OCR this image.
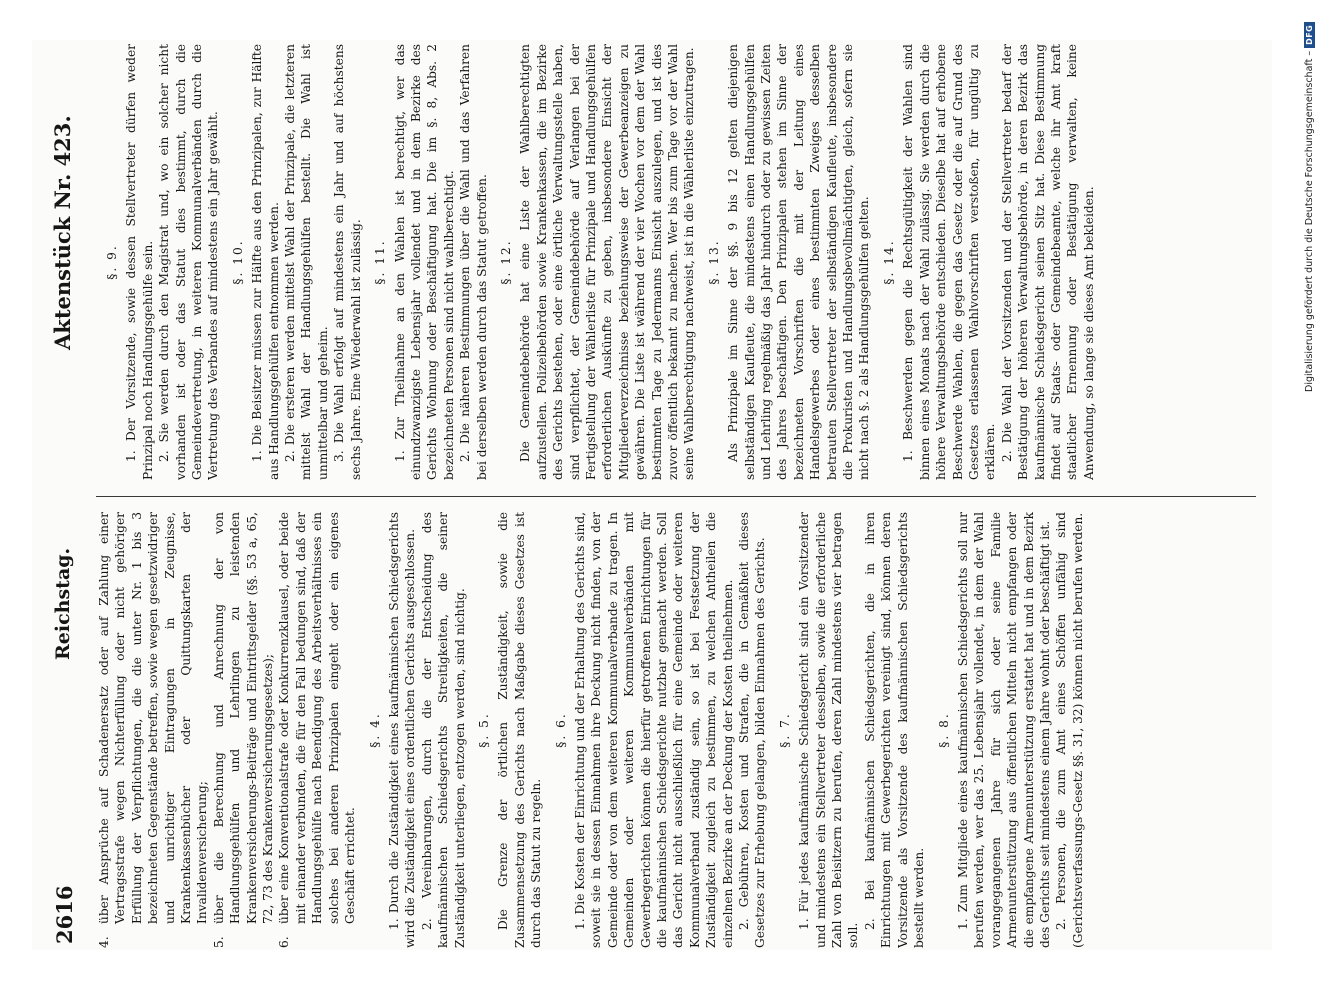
2616
Reichstag.
Aktenstück Nr. 423.

4.
über Ansprüche auf Schadenersatz oder auf Zahlung einer Vertragsstrafe wegen Nichterfüllung oder nicht gehöriger Erfüllung der Verpflichtungen, die die unter Nr. 1 bis 3 bezeichneten Gegenstände betreffen, sowie wegen gesetzwidriger und unrichtiger Eintragungen in Zeugnisse, Krankenkassenbücher oder Quittungskarten der Invalidenversicherung;

5.
über die Berechnung und Anrechnung der von Handlungsgehülfen und Lehrlingen zu leistenden Krankenversicherungs-Beiträge und Eintrittsgelder (§§. 53 a, 65, 72, 73 des Krankenversicherungsgesetzes);

6.
über eine Konventionalstrafe oder Konkurrenzklausel, oder beide mit einander verbunden, die für den Fall bedungen sind, daß der Handlungsgehülfe nach Beendigung des Arbeitsverhältnisses ein solches bei anderen Prinzipalen eingeht oder ein eigenes Geschäft errichtet.

§. 4. 1. Durch die Zuständigkeit eines kaufmännischen Schiedsgerichts wird die Zuständigkeit eines ordentlichen Gerichts ausgeschlossen. 2. Vereinbarungen, durch die der Entscheidung des kaufmännischen Schiedsgerichts Streitigkeiten, die seiner Zuständigkeit unterliegen, entzogen werden, sind nichtig. §. 5. Die Grenze der örtlichen Zuständigkeit, sowie die Zusammensetzung des Gerichts nach Maßgabe dieses Gesetzes ist durch das Statut zu regeln.

§. 6. 1. Die Kosten der Einrichtung und der Erhaltung des Gerichts sind, soweit sie in dessen Einnahmen ihre Deckung nicht finden, von der Gemeinde oder von dem weiteren Kommunalverbande zu tragen. In Gemeinden oder weiteren Kommunalverbänden mit Gewerbegerichten können die hierfür getroffenen Einrichtungen für die kaufmännischen Schiedsgerichte nutzbar gemacht werden. Soll das Gericht nicht ausschließlich für eine Gemeinde oder weiteren Kommunalverband zuständig sein, so ist bei Festsetzung der Zuständigkeit zugleich zu bestimmen, zu welchen Antheilen die einzelnen Bezirke an der Deckung der Kosten theilnehmen. 2. Gebühren, Kosten und Strafen, die in Gemäßheit dieses Gesetzes zur Erhebung gelangen, bilden Einnahmen des Gerichts. §. 7. 1. Für jedes kaufmännische Schiedsgericht sind ein Vorsitzender und mindestens ein Stellvertreter desselben, sowie die erforderliche Zahl von Beisitzern zu berufen, deren Zahl mindestens vier betragen soll.

2. Bei kaufmännischen Schiedsgerichten, die in ihren Einrichtungen mit Gewerbegerichten vereinigt sind, können deren Vorsitzende als Vorsitzende des kaufmännischen Schiedsgerichts bestellt werden.

§. 8. 1. Zum Mitgliede eines kaufmännischen Schiedsgerichts soll nur berufen werden, wer das 25. Lebensjahr vollendet, in dem der Wahl vorangegangenen Jahre für sich oder seine Familie Armenunterstützung aus öffentlichen Mitteln nicht empfangen oder die empfangene Armenunterstützung erstattet hat und in dem Bezirk des Gerichts seit mindestens einem Jahre wohnt oder beschäftigt ist. 2. Personen, die zum Amt eines Schöffen unfähig sind (Gerichtsverfassungs-Gesetz §§. 31, 32) können nicht berufen werden.

§. 9. 1. Der Vorsitzende, sowie dessen Stellvertreter dürfen weder Prinzipal noch Handlungsgehülfe sein. 2. Sie werden durch den Magistrat und, wo ein solcher nicht vorhanden ist oder das Statut dies bestimmt, durch die Gemeindevertretung, in weiteren Kommunalverbänden durch die Vertretung des Verbandes auf mindestens ein Jahr gewählt. §. 10. 1. Die Beisitzer müssen zur Hälfte aus den Prinzipalen, zur Hälfte aus Handlungsgehülfen entnommen werden. 2. Die ersteren werden mittelst Wahl der Prinzipale, die letzteren mittelst Wahl der Handlungsgehülfen bestellt. Die Wahl ist unmittelbar und geheim. 3. Die Wahl erfolgt auf mindestens ein Jahr und auf höchstens sechs Jahre. Eine Wiederwahl ist zulässig. §. 11. 1. Zur Theilnahme an den Wahlen ist berechtigt, wer das einundzwanzigste Lebensjahr vollendet und in dem Bezirke des Gerichts Wohnung oder Beschäftigung hat. Die im §. 8, Abs. 2 bezeichneten Personen sind nicht wahlberechtigt. 2. Die näheren Bestimmungen über die Wahl und das Verfahren bei derselben werden durch das Statut getroffen. §. 12. Die Gemeindebehörde hat eine Liste der Wahlberechtigten aufzustellen. Polizeibehörden sowie Krankenkassen, die im Bezirke des Gerichts bestehen, oder eine örtliche Verwaltungsstelle haben, sind verpflichtet, der Gemeindebehörde auf Verlangen bei der Fertigstellung der Wählerliste für Prinzipale und Handlungsgehülfen erforderlichen Auskünfte zu geben, insbesondere Einsicht der Mitgliederverzeichnisse beziehungsweise der Gewerbeanzeigen zu gewähren. Die Liste ist während der vier Wochen vor dem der Wahl bestimmten Tage zu Jedermanns Einsicht auszulegen, und ist dies zuvor öffentlich bekannt zu machen. Wer bis zum Tage vor der Wahl seine Wahlberechtigung nachweist, ist in die Wählerliste einzutragen. §. 13. Als Prinzipale im Sinne der §§. 9 bis 12 gelten diejenigen selbständigen Kaufleute, die mindestens einen Handlungsgehülfen und Lehrling regelmäßig das Jahr hindurch oder zu gewissen Zeiten des Jahres beschäftigen. Den Prinzipalen stehen im Sinne der bezeichneten Vorschriften die mit der Leitung eines Handelsgewerbes oder eines bestimmten Zweiges desselben betrauten Stellvertreter der selbständigen Kaufleute, insbesondere die Prokuristen und Handlungsbevollmächtigten, gleich, sofern sie nicht nach §. 2 als Handlungsgehülfen gelten. §. 14. 1. Beschwerden gegen die Rechtsgültigkeit der Wahlen sind binnen eines Monats nach der Wahl zulässig. Sie werden durch die höhere Verwaltungsbehörde entschieden. Dieselbe hat auf erhobene Beschwerde Wahlen, die gegen das Gesetz oder die auf Grund des Gesetzes erlassenen Wahlvorschriften verstoßen, für ungültig zu erklären. 2. Die Wahl der Vorsitzenden und der Stellvertreter bedarf der Bestätigung der höheren Verwaltungsbehörde, in deren Bezirk das kaufmännische Schiedsgericht seinen Sitz hat. Diese Bestimmung findet auf Staats- oder Gemeindebeamte, welche ihr Amt kraft staatlicher Ernennung oder Bestätigung verwalten, keine Anwendung, so lange sie dieses Amt bekleiden.	Digitalisierung gefördert durch die Deutsche Forschungsgemeinschaft –
DFG
